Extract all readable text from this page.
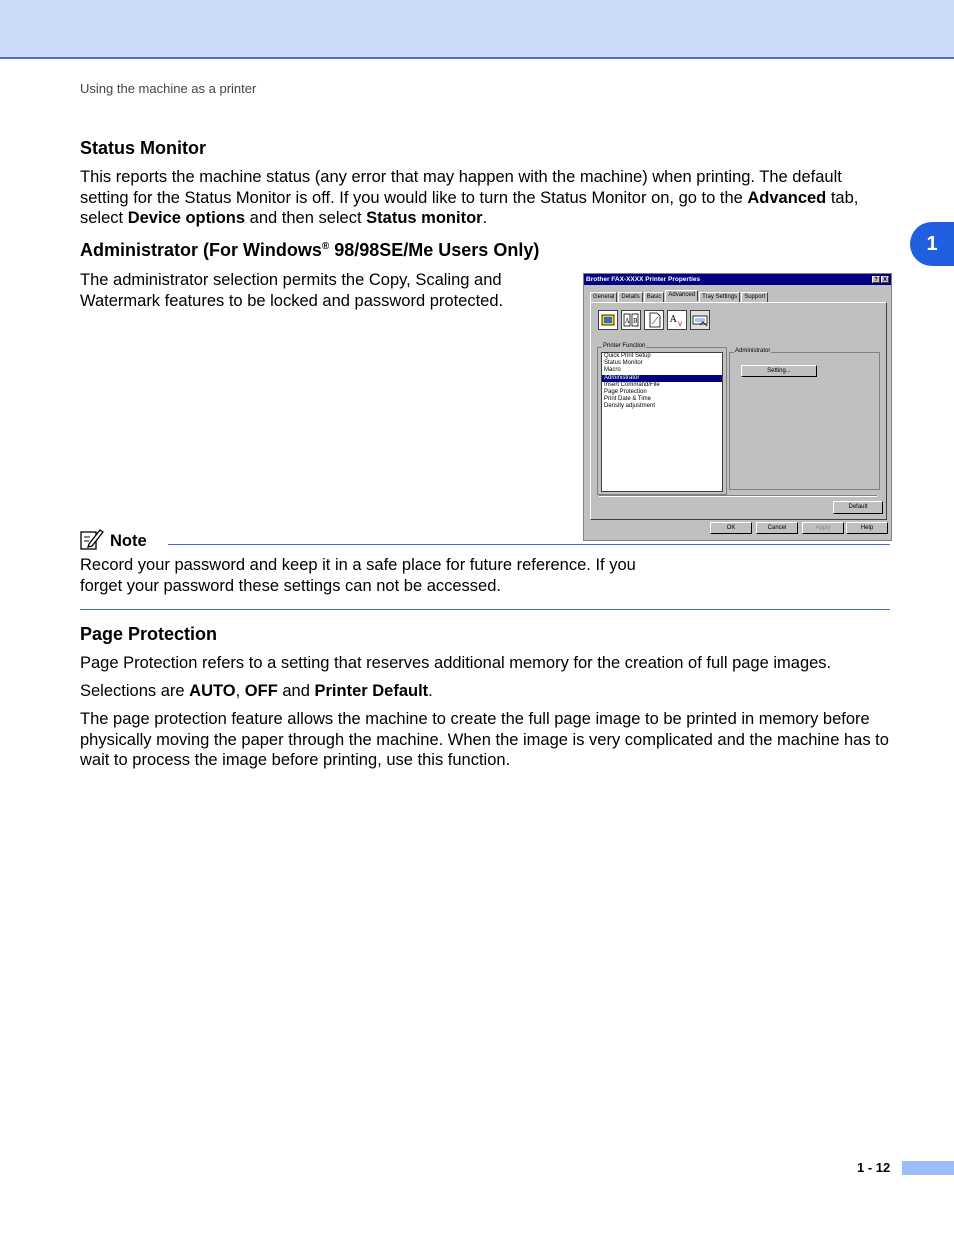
Using the machine as a printer
1
Status Monitor

This reports the machine status (any error that may happen with the machine) when printing. The default setting for the Status Monitor is off. If you would like to turn the Status Monitor on, go to the Advanced tab, select Device options and then select Status monitor.

Administrator (For Windows® 98/98SE/Me Users Only)

The administrator selection permits the Copy, Scaling and Watermark features to be locked and password protected.

Brother FAX-XXXX Printer Properties	? X
General	Details	Basic	Advanced	Tray Settings	Support
A B	A V
Printer Function
Quick Print Setup
Status Monitor
Macro
Administrator
Insert Command/File
Page Protection
Print Date & Time
Density adjustment
Administrator
Setting...
Default
OK	Cancel	Apply	Help
Note

Record your password and keep it in a safe place for future reference. If you forget your password these settings can not be accessed.

Page Protection

Page Protection refers to a setting that reserves additional memory for the creation of full page images.

Selections are AUTO, OFF and Printer Default.

The page protection feature allows the machine to create the full page image to be printed in memory before physically moving the paper through the machine. When the image is very complicated and the machine has to wait to process the image before printing, use this function.

1 - 12
